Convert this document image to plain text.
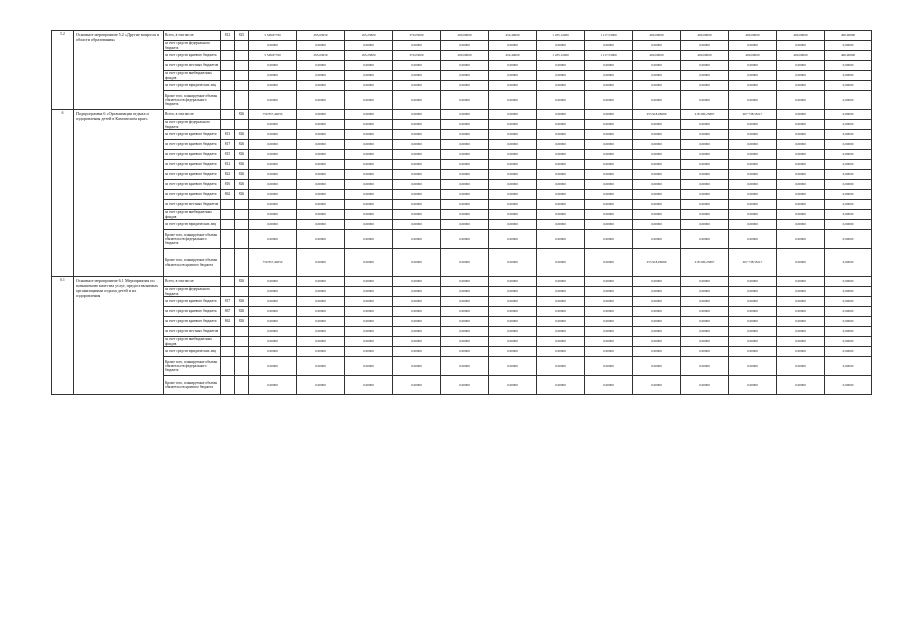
5.2	Основное мероприятие 5.2 «Другие вопросы в области образования»	Всего, в том числе:	812	825	3 548,87760	295,63650	165,25800	370,05000	200,00000	452,40000	1 185,12000	1 117,53000	400,00000	400,00000	400,00000	400,00000	400,00000
		за счет средств федерального бюджета			0,00000	0,00000	0,00000	0,00000	0,00000	0,00000	0,00000	0,00000	0,00000	0,00000	0,00000	0,00000	0,00000
		за счет средств краевого бюджета			3 548,87760	295,63650	165,25800	370,05000	200,00000	452,40000	1 185,12000	1 117,53000	400,00000	400,00000	400,00000	400,00000	400,00000
		за счет средств местных бюджетов			0,00000	0,00000	0,00000	0,00000	0,00000	0,00000	0,00000	0,00000	0,00000	0,00000	0,00000	0,00000	0,00000
		за счет средств внебюджетных фондов			0,00000	0,00000	0,00000	0,00000	0,00000	0,00000	0,00000	0,00000	0,00000	0,00000	0,00000	0,00000	0,00000
		за счет средств юридических лиц			0,00000	0,00000	0,00000	0,00000	0,00000	0,00000	0,00000	0,00000	0,00000	0,00000	0,00000	0,00000	0,00000
		Кроме того, планируемые объемы обязательств федерального бюджета			0,00000	0,00000	0,00000	0,00000	0,00000	0,00000	0,00000	0,00000	0,00000	0,00000	0,00000	0,00000	0,00000
6	Подпрограмма 6 «Организация отдыха и оздоровления детей в Камчатском крае»	Всего, в том числе:		826	750 857,40050	0,00000	0,00000	0,00000	0,00000	0,00000	0,00000	0,00000	253 918,66066	218 200,25867	267 738,58117	0,00000	0,00000
		за счет средств федерального бюджета			0,00000	0,00000	0,00000	0,00000	0,00000	0,00000	0,00000	0,00000	0,00000	0,00000	0,00000	0,00000	0,00000
		за счет средств краевого бюджета	813	826	0,00000	0,00000	0,00000	0,00000	0,00000	0,00000	0,00000	0,00000	0,00000	0,00000	0,00000	0,00000	0,00000
		за счет средств краевого бюджета	817	826	0,00000	0,00000	0,00000	0,00000	0,00000	0,00000	0,00000	0,00000	0,00000	0,00000	0,00000	0,00000	0,00000
		за счет средств краевого бюджета	815	826	0,00000	0,00000	0,00000	0,00000	0,00000	0,00000	0,00000	0,00000	0,00000	0,00000	0,00000	0,00000	0,00000
		за счет средств краевого бюджета	812	826	0,00000	0,00000	0,00000	0,00000	0,00000	0,00000	0,00000	0,00000	0,00000	0,00000	0,00000	0,00000	0,00000
		за счет средств краевого бюджета	822	826	0,00000	0,00000	0,00000	0,00000	0,00000	0,00000	0,00000	0,00000	0,00000	0,00000	0,00000	0,00000	0,00000
		за счет средств краевого бюджета	816	826	0,00000	0,00000	0,00000	0,00000	0,00000	0,00000	0,00000	0,00000	0,00000	0,00000	0,00000	0,00000	0,00000
		за счет средств краевого бюджета	862	826	0,00000	0,00000	0,00000	0,00000	0,00000	0,00000	0,00000	0,00000	0,00000	0,00000	0,00000	0,00000	0,00000
		за счет средств местных бюджетов			0,00000	0,00000	0,00000	0,00000	0,00000	0,00000	0,00000	0,00000	0,00000	0,00000	0,00000	0,00000	0,00000
		за счет средств внебюджетных фондов			0,00000	0,00000	0,00000	0,00000	0,00000	0,00000	0,00000	0,00000	0,00000	0,00000	0,00000	0,00000	0,00000
		за счет средств юридических лиц			0,00000	0,00000	0,00000	0,00000	0,00000	0,00000	0,00000	0,00000	0,00000	0,00000	0,00000	0,00000	0,00000
		Кроме того, планируемые объемы обязательств федерального бюджета			0,00000	0,00000	0,00000	0,00000	0,00000	0,00000	0,00000	0,00000	0,00000	0,00000	0,00000	0,00000	0,00000
		Кроме того, планируемые объемы обязательств краевого бюджета			750 857,40050	0,00000	0,00000	0,00000	0,00000	0,00000	0,00000	0,00000	253 918,66066	218 200,25867	267 738,58117	0,00000	0,00000
6.1	Основное мероприятие 6.1 Мероприятия по повышению качества услуг, предоставляемых организациями отдыха детей и их оздоровления	Всего, в том числе:		826	0,00000	0,00000	0,00000	0,00000	0,00000	0,00000	0,00000	0,00000	0,00000	0,00000	0,00000	0,00000	0,00000
		за счет средств федерального бюджета			0,00000	0,00000	0,00000	0,00000	0,00000	0,00000	0,00000	0,00000	0,00000	0,00000	0,00000	0,00000	0,00000
		за счет средств краевого бюджета	817	826	0,00000	0,00000	0,00000	0,00000	0,00000	0,00000	0,00000	0,00000	0,00000	0,00000	0,00000	0,00000	0,00000
		за счет средств краевого бюджета	867	826	0,00000	0,00000	0,00000	0,00000	0,00000	0,00000	0,00000	0,00000	0,00000	0,00000	0,00000	0,00000	0,00000
		за счет средств краевого бюджета	862	826	0,00000	0,00000	0,00000	0,00000	0,00000	0,00000	0,00000	0,00000	0,00000	0,00000	0,00000	0,00000	0,00000
		за счет средств местных бюджетов			0,00000	0,00000	0,00000	0,00000	0,00000	0,00000	0,00000	0,00000	0,00000	0,00000	0,00000	0,00000	0,00000
		за счет средств внебюджетных фондов			0,00000	0,00000	0,00000	0,00000	0,00000	0,00000	0,00000	0,00000	0,00000	0,00000	0,00000	0,00000	0,00000
		за счет средств юридических лиц			0,00000	0,00000	0,00000	0,00000	0,00000	0,00000	0,00000	0,00000	0,00000	0,00000	0,00000	0,00000	0,00000
		Кроме того, планируемые объемы обязательств федерального бюджета			0,00000	0,00000	0,00000	0,00000	0,00000	0,00000	0,00000	0,00000	0,00000	0,00000	0,00000	0,00000	0,00000
		Кроме того, планируемые объемы обязательств краевого бюджета			0,00000	0,00000	0,00000	0,00000	0,00000	0,00000	0,00000	0,00000	0,00000	0,00000	0,00000	0,00000	0,00000
